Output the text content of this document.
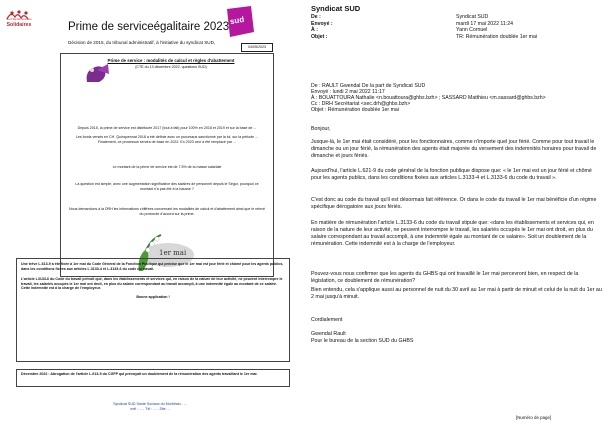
Sud Santé Sociaux
Solidaires	Prime de serviceégalitaire 2023
Décision de 2015, du tribunal administratif, à l'initiative du syndicat SUD,
sud
04/05/2023
Prime de service : modalités de calcul et règles d'abattement
(CTE du 13 décembre 2022, questions SUD)
Depuis 2015, la prime de service est distribuée 2017 (tout à fait) pour 100% en 2018 et 2019 et sur la base de ...
Les fonds versés en CH. Quinquennat 2018 a été définie avec un processus sanctionné par la loi, sur la période ... Finalement, ce processus servira de base en 2022. En 2023 ceci a été remplacé par ...
Le montant de la prime de service est de 7.5% de la masse salariale
La question est simple, avec une augmentation significative des salaires de personnel depuis le Ségur, pourquoi ce montant n'a pas été à la hausse ?
Nous demandons à la DRH les informations chiffrées concernant les modalités de calcul et d'abattement ainsi que le relevé du protocole d'accord sur la prime.
1er mai
Une trêve L.613-9 a été fixée à 1er mai du Code Général de la Fonction Publique qui précise que le 1er mai est jour férié et chômé pour les agents publics, dans les conditions fixées aux articles L.3133-4 et L.3133-6 du code du travail.
L'article L3133-6 du Code du travail prévoit que, dans les établissements et services qui, en raison de la nature de leur activité, ne peuvent interrompre le travail, les salariés occupés le 1er mai ont droit, en plus du salaire correspondant au travail accompli, à une indemnité égale au montant de ce salaire. Cette indemnité est à la charge de l'employeur.
Bonne application !
Décembre 2022 : Abrogation de l'article L.613-9 du CGFP qui prévoyait un doublement de la rémunération des agents travaillant le 1er mai.
Syndicat SUD Santé Sociaux du Morbihan - ...
mél : ... - Tél : ... - Site ...
Syndicat SUD
De :	Syndicat SUD
Envoyé :	mardi 17 mai 2022 11:24
À :	Yann Cornuel
Objet :	TR: Rémunération doublée 1er mai
De : RAULT Gwendal De la part de Syndicat SUD
Envoyé : lundi 2 mai 2022 11:17
À : BOUATTOURA Nathalie <n.bouattoura@ghbs.bzh> ; SASSARD Matthieu <m.sassard@ghbs.bzh>
Cc : DRH Secrétariat <sec.drh@ghbs.bzh>
Objet : Rémunération doublée 1er mai
Bonjour,
Jusque-là, le 1er mai était considéré, pour les fonctionnaires, comme n'importe quel jour férié. Comme pour tout travail le dimanche ou un jour férié, la rémunération des agents était majorée du versement des indemnités horaires pour travail de dimanche et jours fériés.
Aujourd'hui, l'article L.621-9 du code général de la fonction publique dispose que: « le 1er mai est un jour férié et chômé pour les agents publics, dans les conditions fixées aux articles L.3133-4 et L.3133-6 du code du travail ».
C'est donc au code du travail qu'il est désormais fait référence. Or dans le code du travail le 1er mai bénéficie d'un régime spécifique dérogatoire aux jours fériés.
En matière de rémunération l'article L.3133-6 du code du travail stipule que: «dans les établissements et services qui, en raison de la nature de leur activité, ne peuvent interrompre le travail, les salariés occupés le 1er mai ont droit, en plus du salaire correspondant au travail accompli, à une indemnité égale au montant de ce salaire». Soit un doublement de la rémunération. Cette indemnité est à la charge de l'employeur.
Pouvez-vous nous confirmer que les agents du GHBS qui ont travaillé le 1er mai percevront bien, en respect de la législation, ce doublement de rémunération?
Bien entendu, cela s'applique aussi au personnel de nuit du 30 avril au 1er mai à partir de minuit et celui de la nuit du 1er au 2 mai jusqu'à minuit.
Cordialement
Gwendal Rault
Pour le bureau de la section SUD du GHBS
[Numéro de page]
